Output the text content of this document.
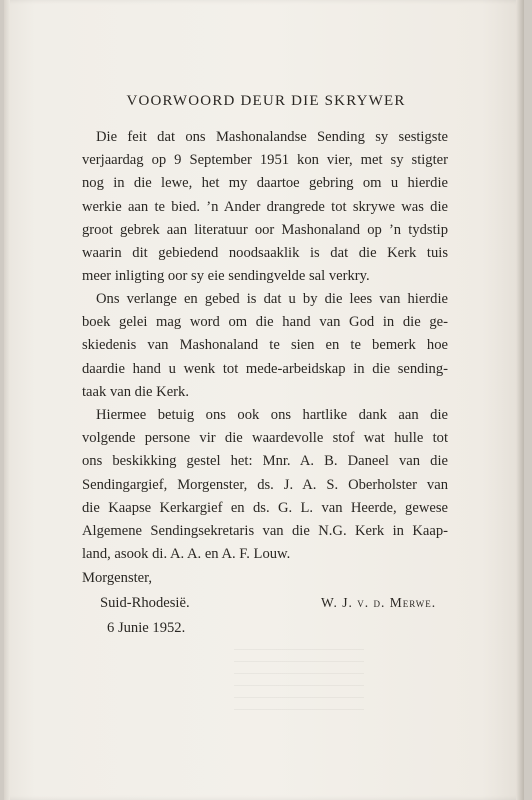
VOORWOORD DEUR DIE SKRYWER
Die feit dat ons Mashonalandse Sending sy sestigste
verjaardag op 9 September 1951 kon vier, met sy stigter
nog in die lewe, het my daartoe gebring om u hierdie
werkie aan te bied. ’n Ander drangrede tot skrywe was die
groot gebrek aan literatuur oor Mashonaland op ’n tydstip
waarin dit gebiedend noodsaaklik is dat die Kerk tuis
meer inligting oor sy eie sendingvelde sal verkry.
Ons verlange en gebed is dat u by die lees van hierdie
boek gelei mag word om die hand van God in die ge-
skiedenis van Mashonaland te sien en te bemerk hoe
daardie hand u wenk tot mede-arbeidskap in die sending-
taak van die Kerk.
Hiermee betuig ons ook ons hartlike dank aan die
volgende persone vir die waardevolle stof wat hulle tot
ons beskikking gestel het: Mnr. A. B. Daneel van die
Sendingargief, Morgenster, ds. J. A. S. Oberholster van
die Kaapse Kerkargief en ds. G. L. van Heerde, gewese
Algemene Sendingsekretaris van die N.G. Kerk in Kaap-
land, asook di. A. A. en A. F. Louw.
Morgenster,
Suid-Rhodesië.
6 Junie 1952.
W. J. v. d. Merwe.
